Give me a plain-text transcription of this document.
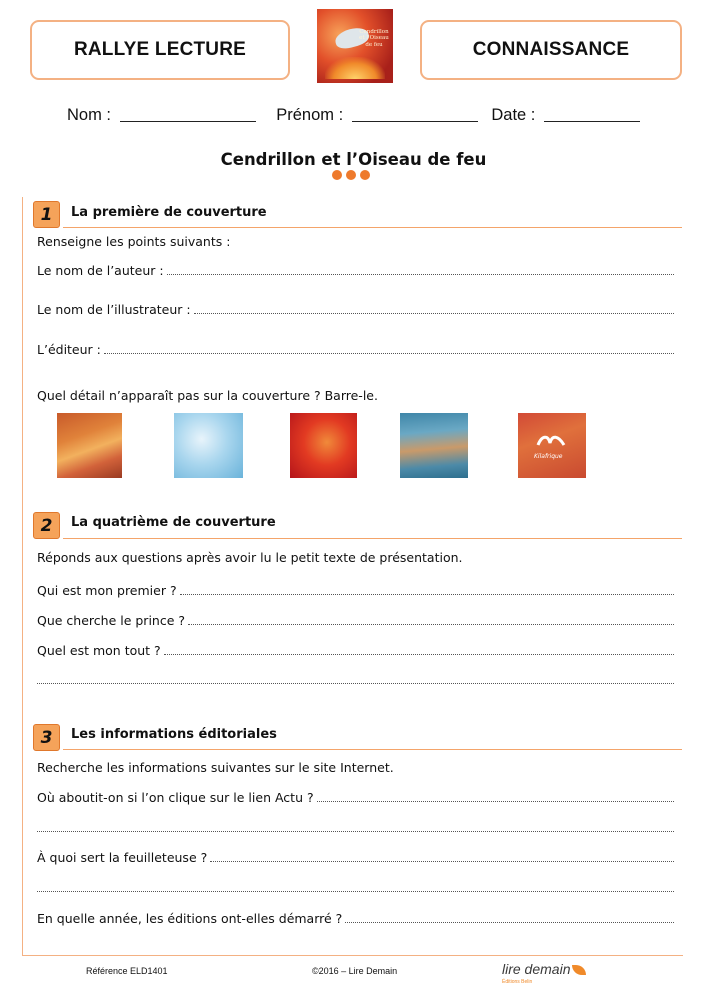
RALLYE LECTURE
Cendrillon et l'Oiseau de feu	CONNAISSANCE
Nom :	Prénom :	Date :
Cendrillon et l’Oiseau de feu
1 La première de couverture
Renseigne les points suivants :
Le nom de l’auteur :
Le nom de l’illustrateur :
L’éditeur :
Quel détail n’apparaît pas sur la couverture ? Barre-le.
Kilafrique
2 La quatrième de couverture
Réponds aux questions après avoir lu le petit texte de présentation.
Qui est mon premier ?
Que cherche le prince ?
Quel est mon tout ?
3 Les informations éditoriales
Recherche les informations suivantes sur le site Internet.
Où aboutit-on si l’on clique sur le lien Actu ?
À quoi sert la feuilleteuse ?
En quelle année, les éditions ont-elles démarré ?
Référence ELD1401	©2016 – Lire Demain	lire demain
Éditions Belin
